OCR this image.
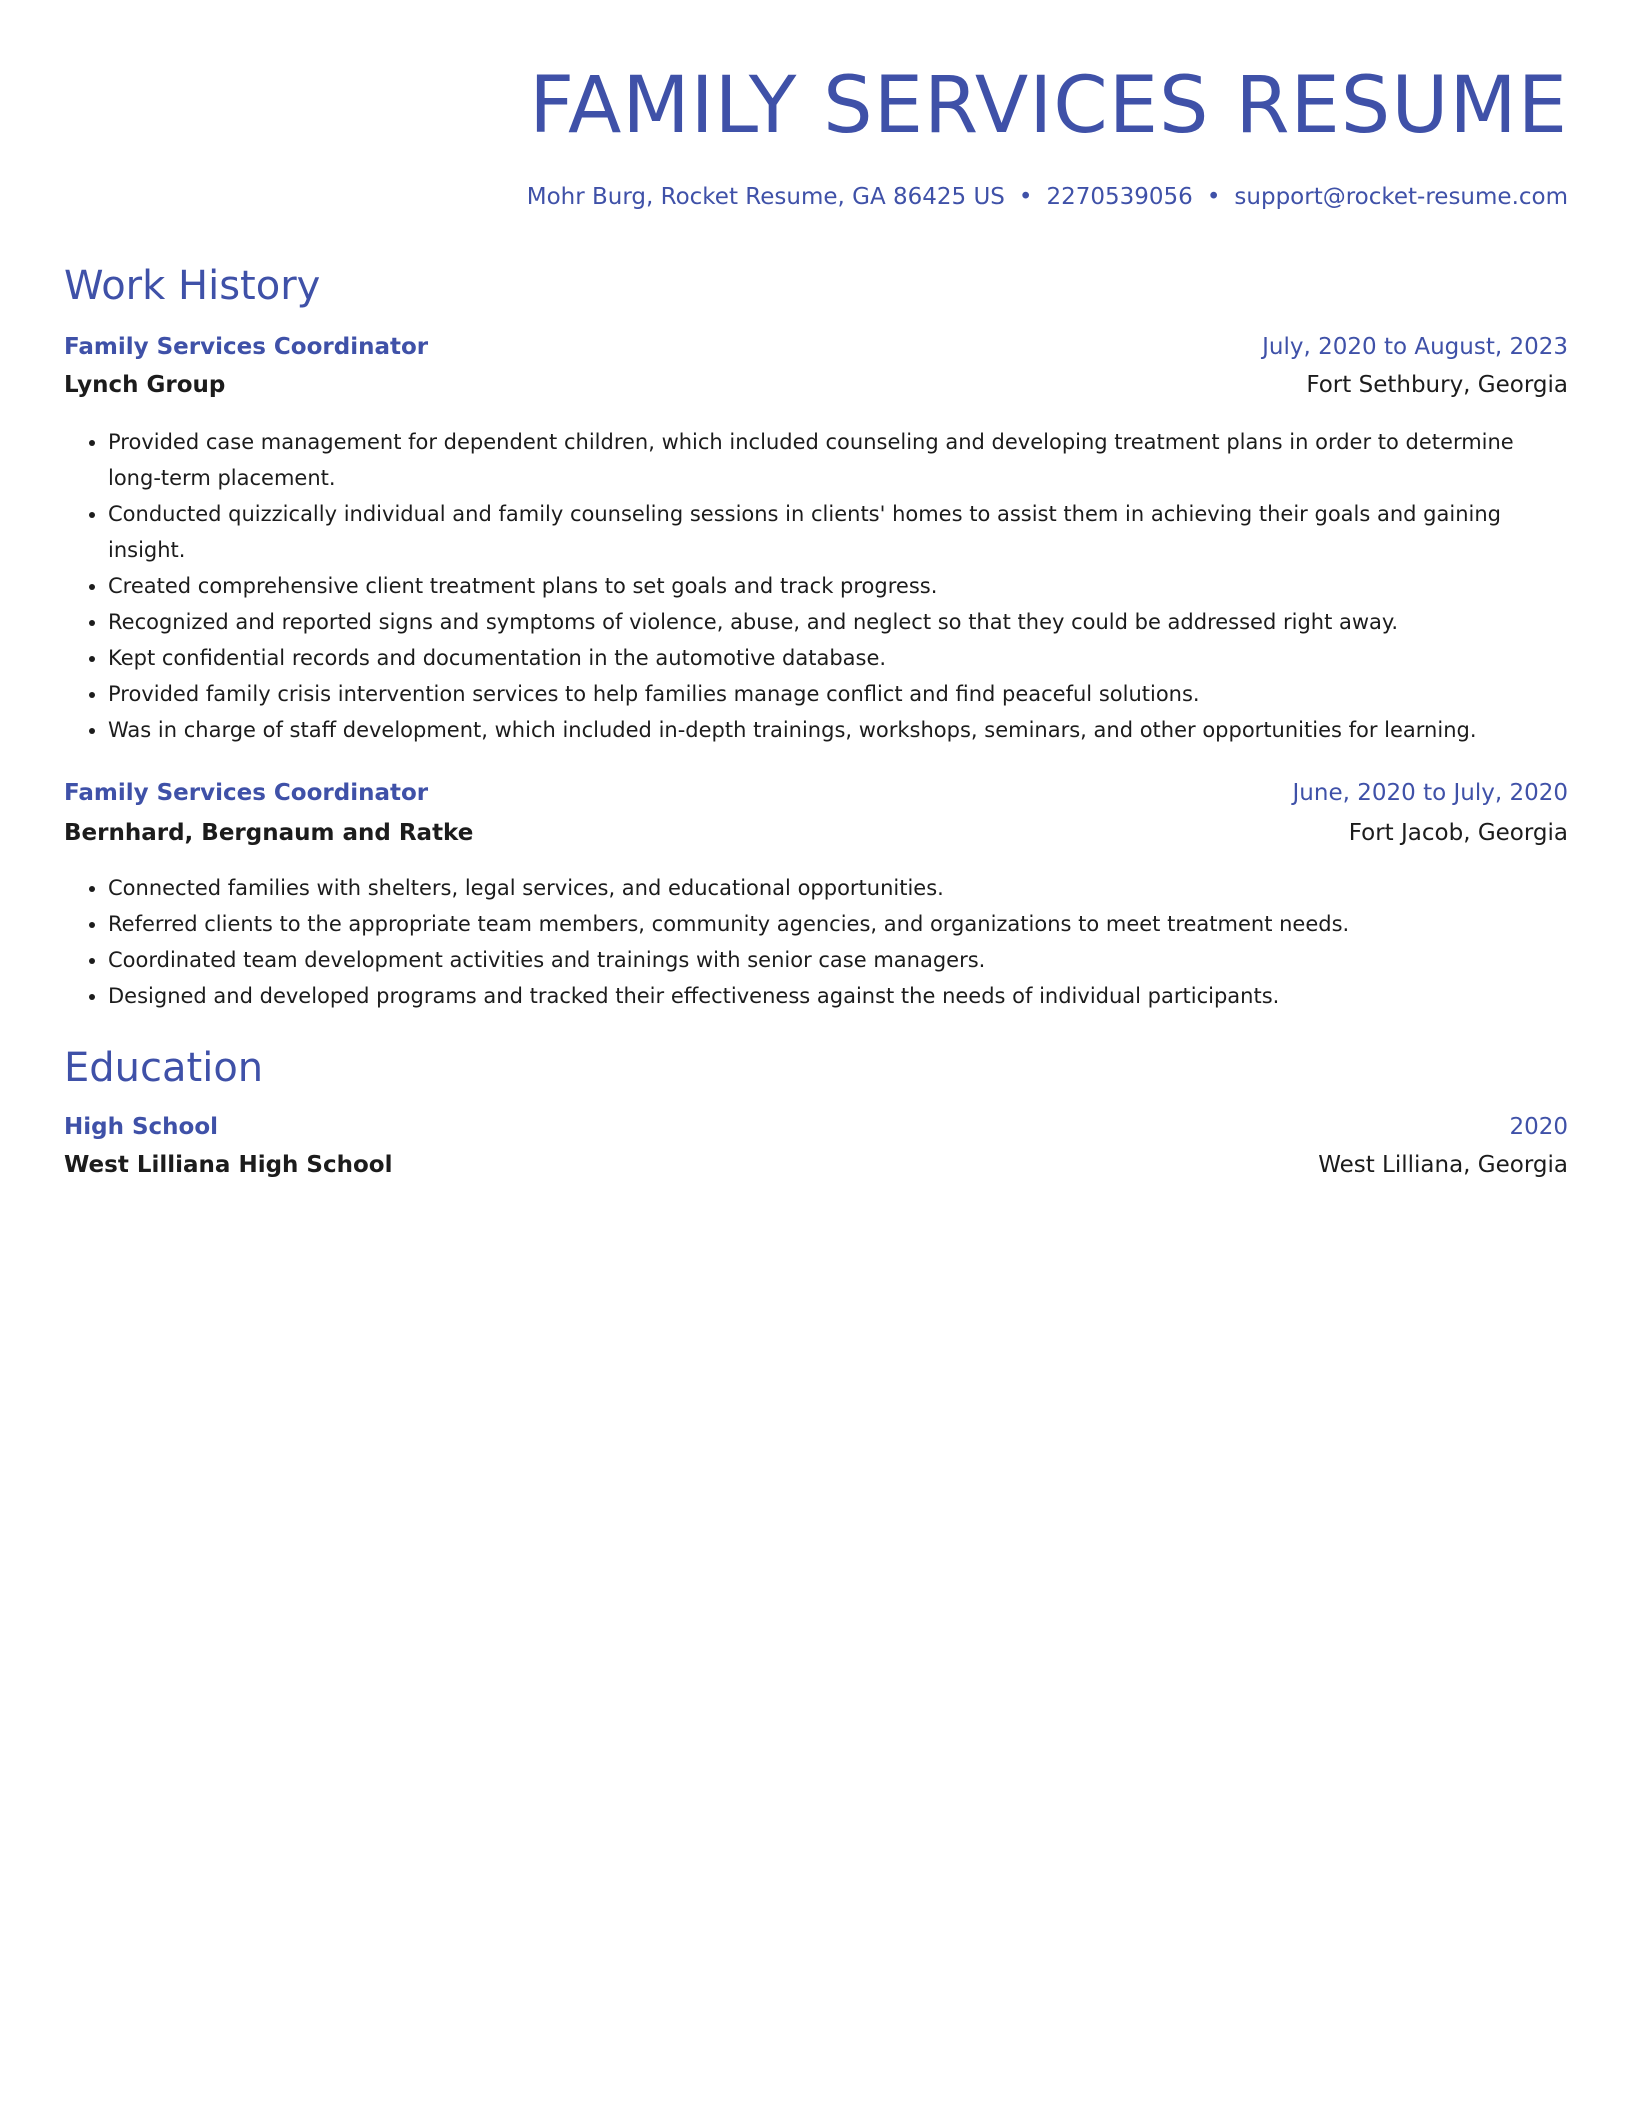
FAMILY SERVICES RESUME
Mohr Burg, Rocket Resume, GA 86425 US • 2270539056 • support@rocket-resume.com
Work History
Family Services Coordinator	July, 2020 to August, 2023
Lynch Group	Fort Sethbury, Georgia
• Provided case management for dependent children, which included counseling and developing treatment plans in order to determine long-term placement.
• Conducted quizzically individual and family counseling sessions in clients' homes to assist them in achieving their goals and gaining insight.
• Created comprehensive client treatment plans to set goals and track progress.
• Recognized and reported signs and symptoms of violence, abuse, and neglect so that they could be addressed right away.
• Kept confidential records and documentation in the automotive database.
• Provided family crisis intervention services to help families manage conflict and find peaceful solutions.
• Was in charge of staff development, which included in-depth trainings, workshops, seminars, and other opportunities for learning.
Family Services Coordinator	June, 2020 to July, 2020
Bernhard, Bergnaum and Ratke	Fort Jacob, Georgia
• Connected families with shelters, legal services, and educational opportunities.
• Referred clients to the appropriate team members, community agencies, and organizations to meet treatment needs.
• Coordinated team development activities and trainings with senior case managers.
• Designed and developed programs and tracked their effectiveness against the needs of individual participants.
Education
High School	2020
West Lilliana High School	West Lilliana, Georgia
